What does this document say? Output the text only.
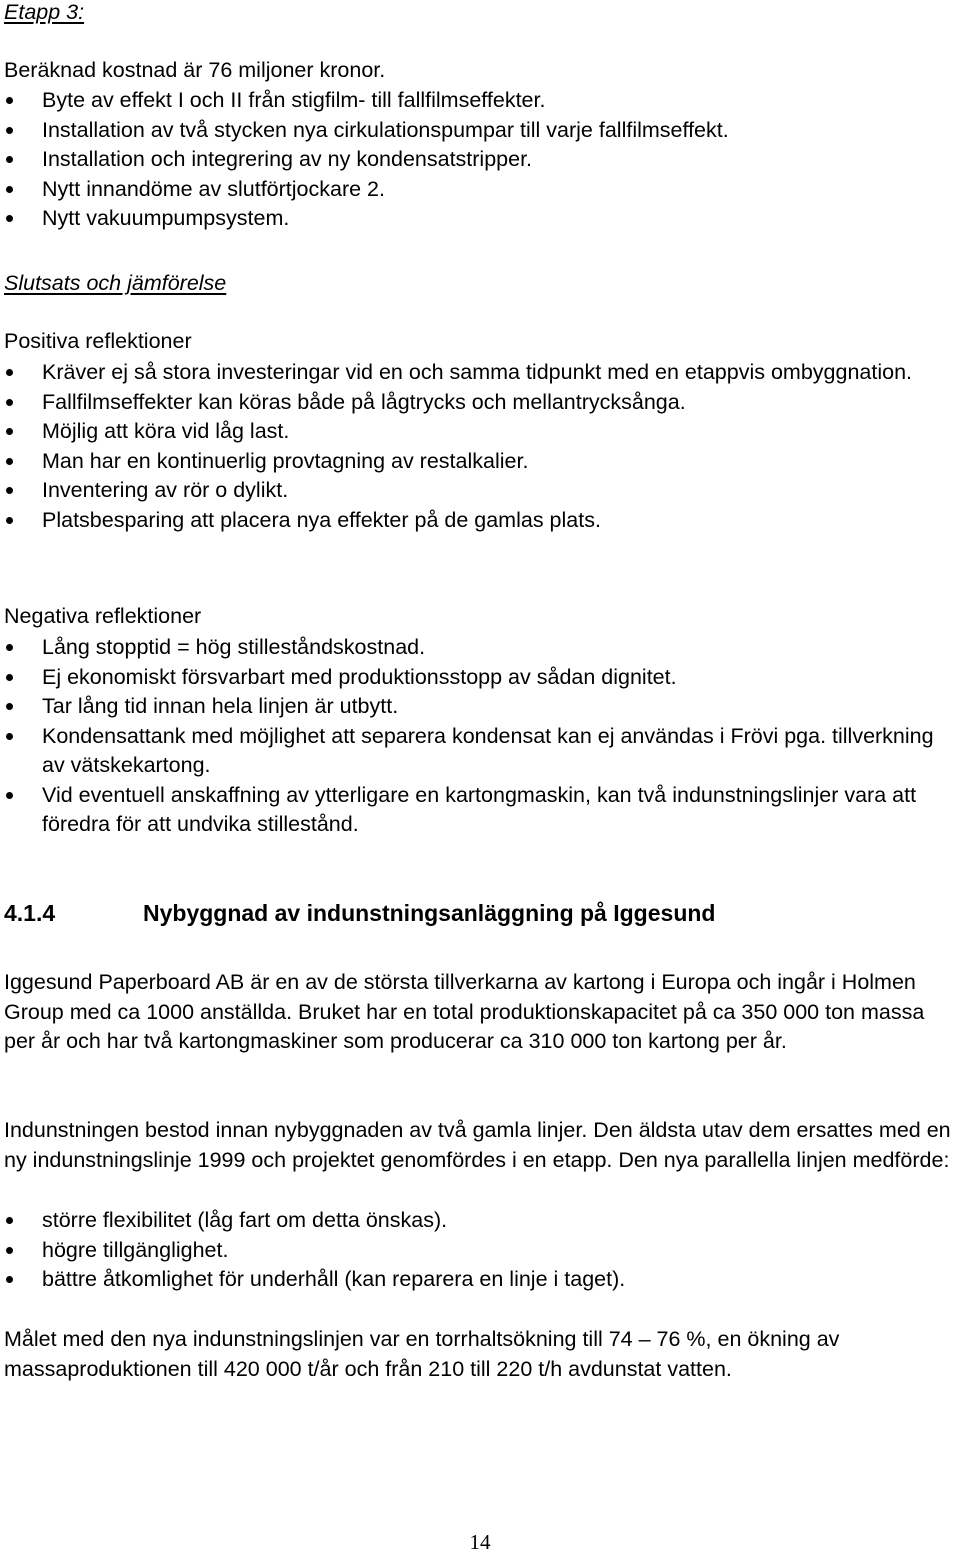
Etapp 3:
Beräknad kostnad är 76 miljoner kronor.
Byte av effekt I och II från stigfilm- till fallfilmseffekter.
Installation av två stycken nya cirkulationspumpar till varje fallfilmseffekt.
Installation och integrering av ny kondensatstripper.
Nytt innandöme av slutförtjockare 2.
Nytt vakuumpumpsystem.
Slutsats och jämförelse
Positiva reflektioner
Kräver ej så stora investeringar vid en och samma tidpunkt med en etappvis ombyggnation.
Fallfilmseffekter kan köras både på lågtrycks och mellantrycksånga.
Möjlig att köra vid låg last.
Man har en kontinuerlig provtagning av restalkalier.
Inventering av rör o dylikt.
Platsbesparing att placera nya effekter på de gamlas plats.
Negativa reflektioner
Lång stopptid = hög stilleståndskostnad.
Ej ekonomiskt försvarbart med produktionsstopp av sådan dignitet.
Tar lång tid innan hela linjen är utbytt.
Kondensattank med möjlighet att separera kondensat kan ej användas i Frövi pga. tillverkning av vätskekartong.
Vid eventuell anskaffning av ytterligare en kartongmaskin, kan två indunstningslinjer vara att föredra för att undvika stillestånd.
4.1.4	Nybyggnad av indunstningsanläggning på Iggesund

Iggesund Paperboard AB är en av de största tillverkarna av kartong i Europa och ingår i Holmen Group med ca 1000 anställda. Bruket har en total produktionskapacitet på ca 350 000 ton massa per år och har två kartongmaskiner som producerar ca 310 000 ton kartong per år.

Indunstningen bestod innan nybyggnaden av två gamla linjer. Den äldsta utav dem ersattes med en ny indunstningslinje 1999 och projektet genomfördes i en etapp. Den nya parallella linjen medförde:

större flexibilitet (låg fart om detta önskas).
högre tillgänglighet.
bättre åtkomlighet för underhåll (kan reparera en linje i taget).

Målet med den nya indunstningslinjen var en torrhaltsökning till 74 – 76 %, en ökning av massaproduktionen till 420 000 t/år och från 210 till 220 t/h avdunstat vatten.

14
